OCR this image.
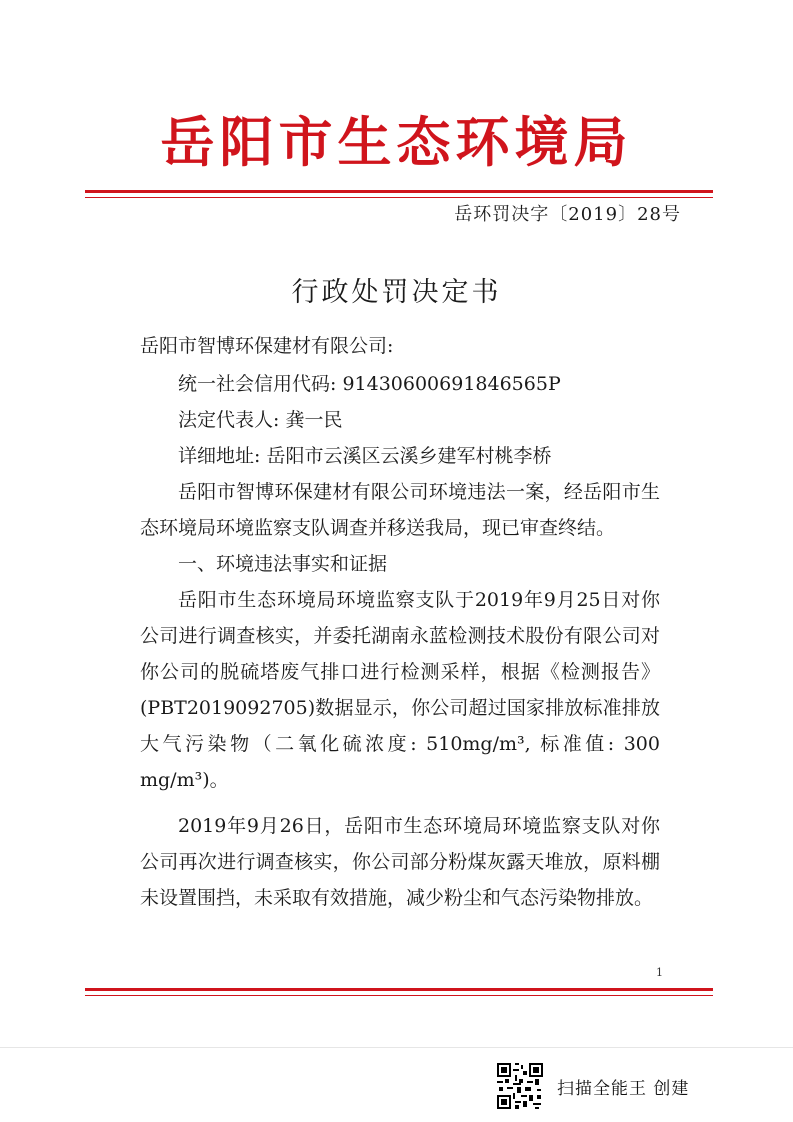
岳阳市生态环境局
岳环罚决字〔2019〕28号
行政处罚决定书

岳阳市智博环保建材有限公司:

统一社会信用代码: 91430600691846565P

法定代表人: 龚一民

详细地址: 岳阳市云溪区云溪乡建军村桃李桥

岳阳市智博环保建材有限公司环境违法一案，经岳阳市生态环境局环境监察支队调查并移送我局，现已审查终结。

一、环境违法事实和证据

岳阳市生态环境局环境监察支队于2019年9月25日对你公司进行调查核实，并委托湖南永蓝检测技术股份有限公司对你公司的脱硫塔废气排口进行检测采样，根据《检测报告》(PBT2019092705)数据显示，你公司超过国家排放标准排放大气污染物（二氧化硫浓度: 510mg/m³, 标准值: 300 mg/m³)。

2019年9月26日，岳阳市生态环境局环境监察支队对你公司再次进行调查核实，你公司部分粉煤灰露天堆放，原料棚未设置围挡，未采取有效措施，减少粉尘和气态污染物排放。

1
扫描全能王 创建
